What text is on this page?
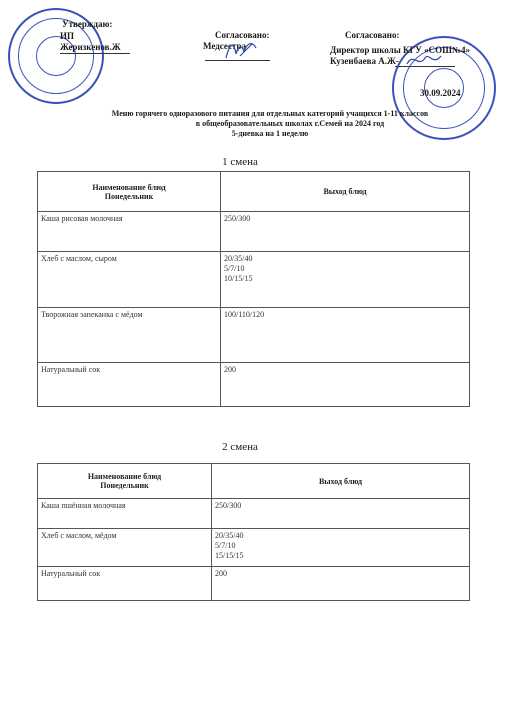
Утверждаю:
ИП Жеризкенов.Ж
Согласовано:
Медсестра
Согласовано:
Директор школы КГУ «СОШ№4»
Кузенбаева А.Ж-
30.09.2024
Меню горячего одноразового питания для отдельных категорий учащихся 1-11 классов
в общеобразовательных школах г.Семей на 2024 год
5-дневка на 1 неделю
1 смена
Наименование блюд
Понедельник	Выход блюд
Каша рисовая молочная	250/300
Хлеб с маслом, сыром	20/35/40
5/7/10
10/15/15
Творожная запеканка с мёдом	100/110/120
Натуральный сок	200
2 смена
Наименование блюд
Понедельник	Выход блюд
Каша пшённая молочная	250/300
Хлеб с маслом, мёдом	20/35/40
5/7/10
15/15/15
Натуральный сок	200
